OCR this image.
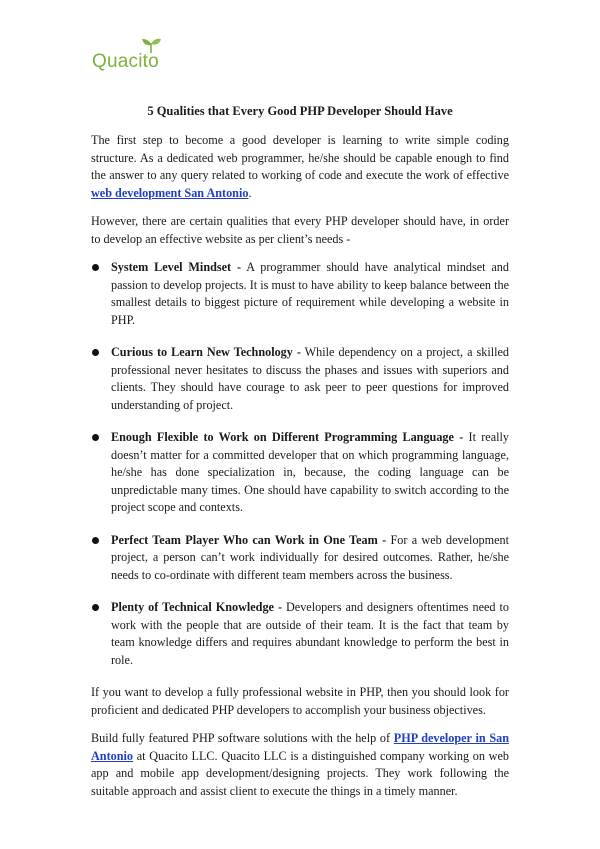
Quacito
5 Qualities that Every Good PHP Developer Should Have

The first step to become a good developer is learning to write simple coding structure. As a dedicated web programmer, he/she should be capable enough to find the answer to any query related to working of code and execute the work of effective web development San Antonio.

However, there are certain qualities that every PHP developer should have, in order to develop an effective website as per client’s needs -

System Level Mindset - A programmer should have analytical mindset and passion to develop projects. It is must to have ability to keep balance between the smallest details to biggest picture of requirement while developing a website in PHP.
Curious to Learn New Technology - While dependency on a project, a skilled professional never hesitates to discuss the phases and issues with superiors and clients. They should have courage to ask peer to peer questions for improved understanding of project.
Enough Flexible to Work on Different Programming Language - It really doesn’t matter for a committed developer that on which programming language, he/she has done specialization in, because, the coding language can be unpredictable many times. One should have capability to switch according to the project scope and contexts.
Perfect Team Player Who can Work in One Team - For a web development project, a person can’t work individually for desired outcomes. Rather, he/she needs to co-ordinate with different team members across the business.
Plenty of Technical Knowledge - Developers and designers oftentimes need to work with the people that are outside of their team. It is the fact that team by team knowledge differs and requires abundant knowledge to perform the best in role.

If you want to develop a fully professional website in PHP, then you should look for proficient and dedicated PHP developers to accomplish your business objectives.

Build fully featured PHP software solutions with the help of PHP developer in San Antonio at Quacito LLC. Quacito LLC is a distinguished company working on web app and mobile app development/designing projects. They work following the suitable approach and assist client to execute the things in a timely manner.
